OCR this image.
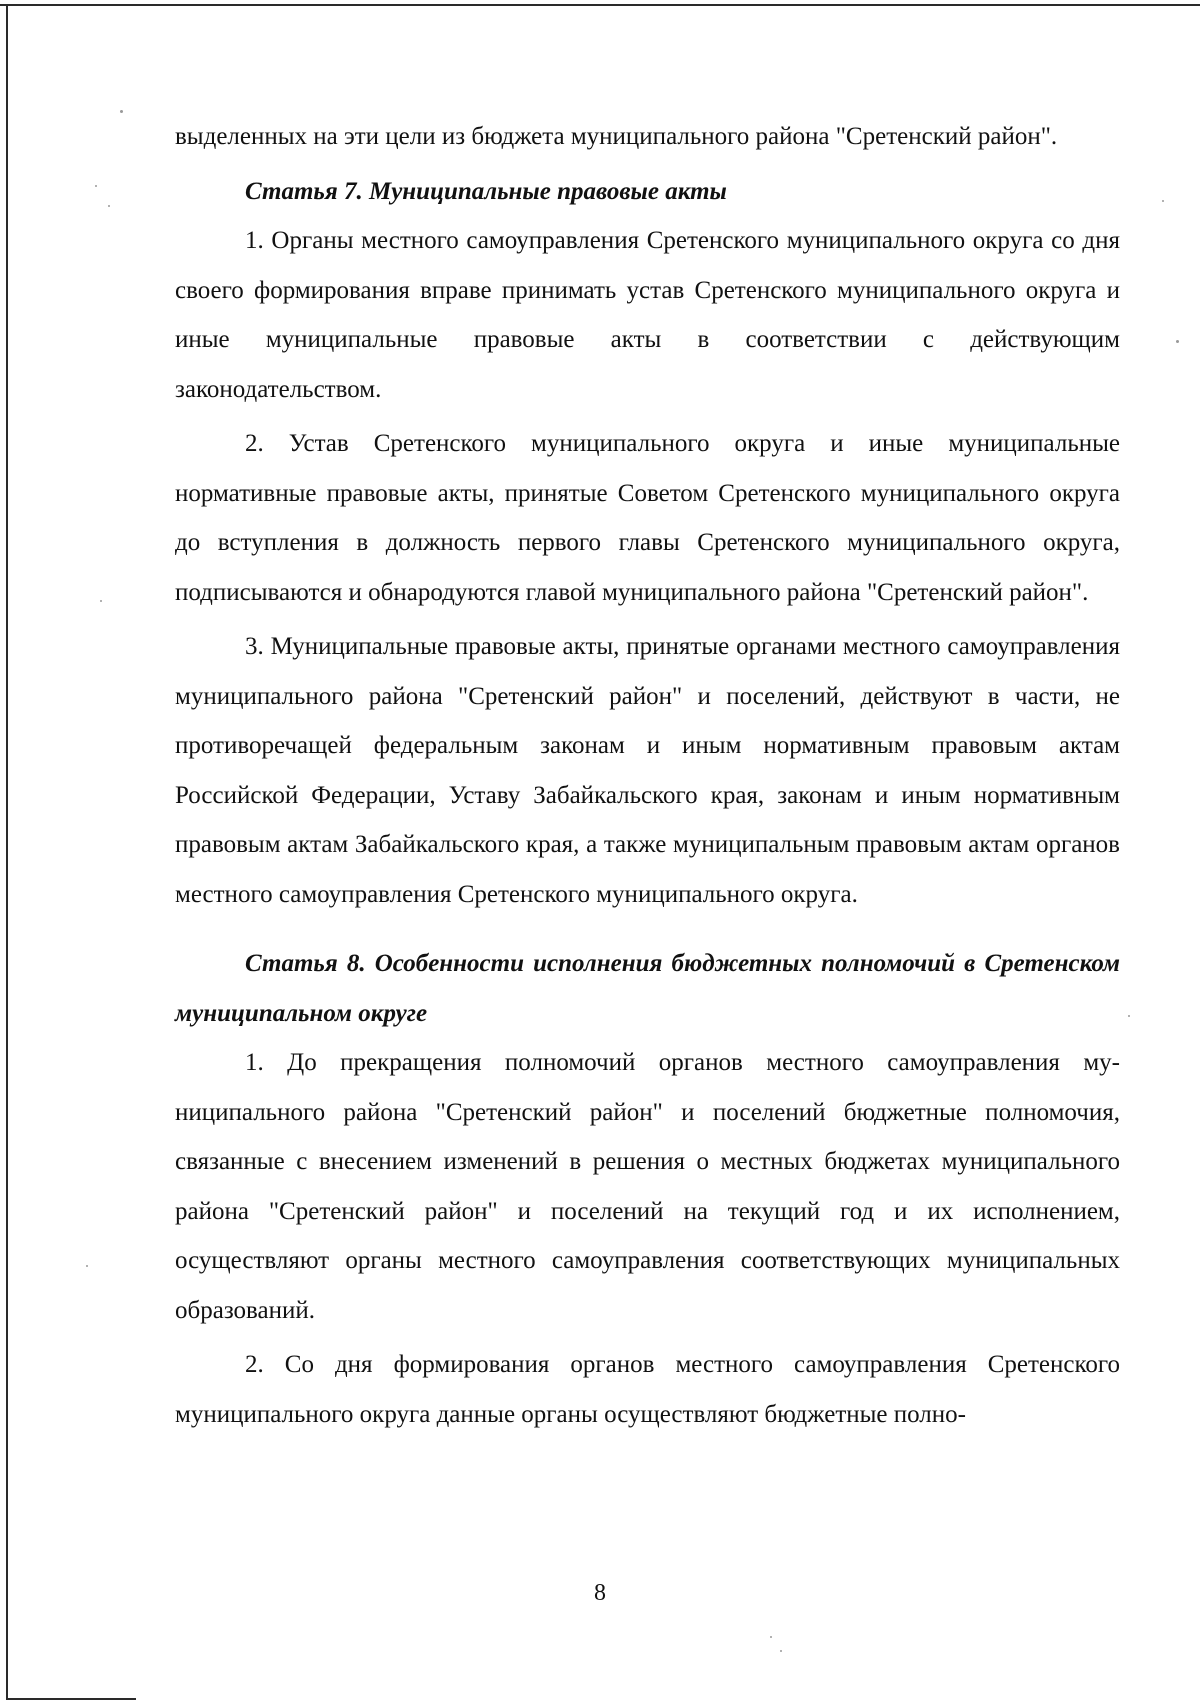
выделенных на эти цели из бюджета муниципального района "Сретенский район".

Статья 7. Муниципальные правовые акты

1. Органы местного самоуправления Сретенского муниципального округа со дня своего формирования вправе принимать устав Сретенского муниципального округа и иные муниципальные правовые акты в соответствии с действующим законодательством.

2. Устав Сретенского муниципального округа и иные муниципальные нормативные правовые акты, принятые Советом Сретенского муниципального округа до вступления в должность первого главы Сретенского муниципального округа, подписываются и обнародуются главой муниципального района "Сретенский район".

3. Муниципальные правовые акты, принятые органами местного самоуправления муниципального района "Сретенский район" и поселений, действуют в части, не противоречащей федеральным законам и иным нормативным правовым актам Российской Федерации, Уставу Забайкальского края, законам и иным нормативным правовым актам Забайкальского края, а также муниципальным правовым актам органов местного самоуправления Сретенского муниципального округа.

Статья 8. Особенности исполнения бюджетных полномочий в Сретенском муниципальном округе

1. До прекращения полномочий органов местного самоуправления муниципального района "Сретенский район" и поселений бюджетные полномочия, связанные с внесением изменений в решения о местных бюджетах муниципального района "Сретенский район" и поселений на текущий год и их исполнением, осуществляют органы местного самоуправления соответствующих муниципальных образований.

2. Со дня формирования органов местного самоуправления Сретенского муниципального округа данные органы осуществляют бюджетные полно-

8
